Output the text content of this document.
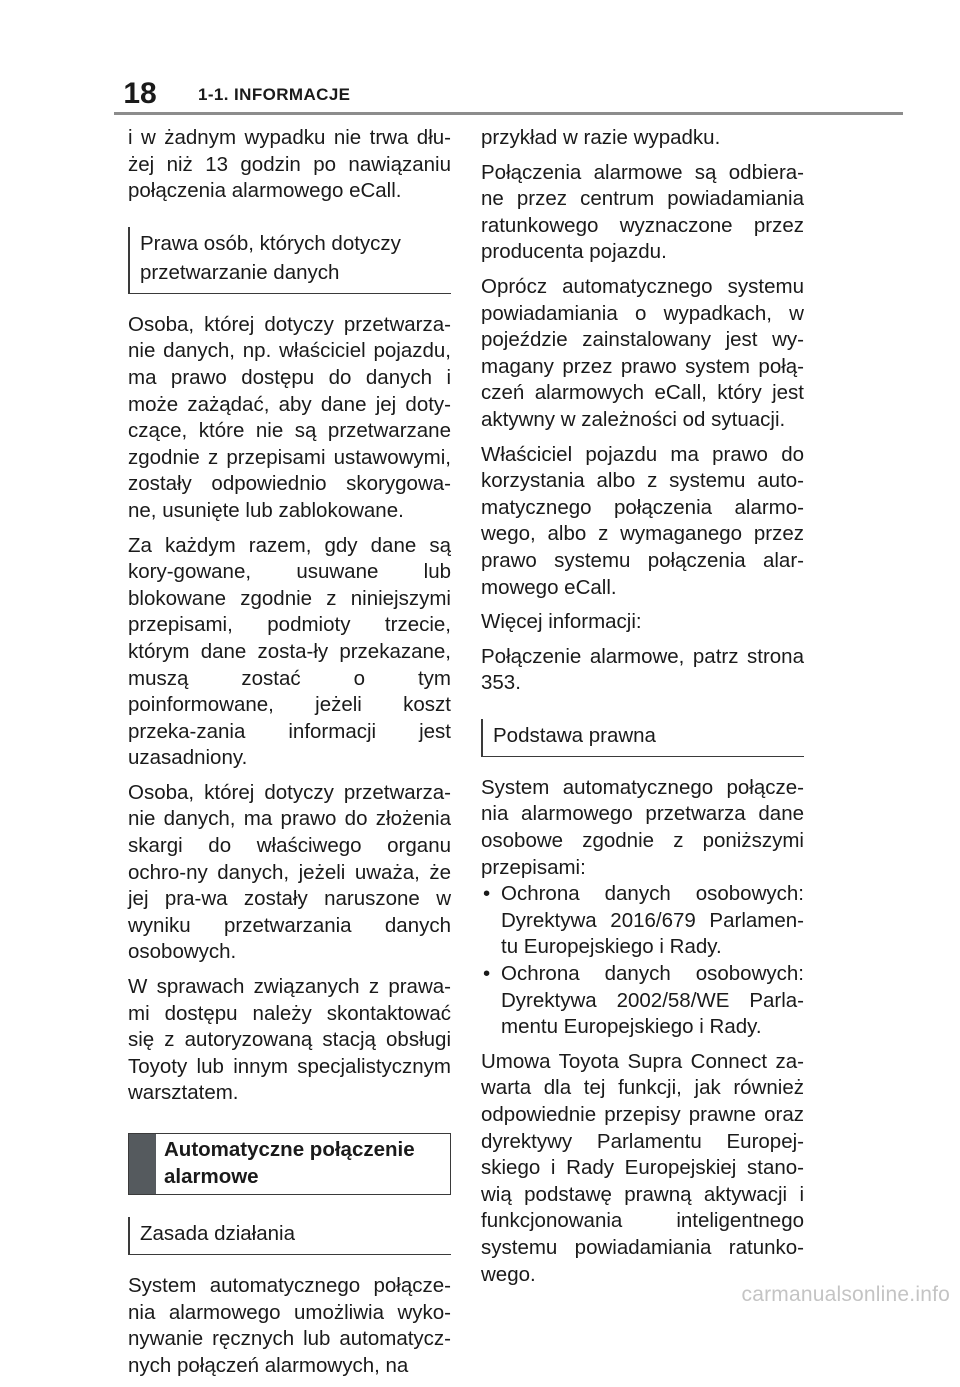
18	1-1. INFORMACJE

i w żadnym wypadku nie trwa dłu-żej niż 13 godzin po nawiązaniu połączenia alarmowego eCall.

Prawa osób, których dotyczy przetwarzanie danych

Osoba, której dotyczy przetwarza-nie danych, np. właściciel pojazdu, ma prawo dostępu do danych i może zażądać, aby dane jej doty-czące, które nie są przetwarzane zgodnie z przepisami ustawowymi, zostały odpowiednio skorygowa-ne, usunięte lub zablokowane.

Za każdym razem, gdy dane są kory-gowane, usuwane lub blokowane zgodnie z niniejszymi przepisami, podmioty trzecie, którym dane zosta-ły przekazane, muszą zostać o tym poinformowane, jeżeli koszt przeka-zania informacji jest uzasadniony.

Osoba, której dotyczy przetwarza-nie danych, ma prawo do złożenia skargi do właściwego organu ochro-ny danych, jeżeli uważa, że jej pra-wa zostały naruszone w wyniku przetwarzania danych osobowych.

W sprawach związanych z prawa-mi dostępu należy skontaktować się z autoryzowaną stacją obsługi Toyoty lub innym specjalistycznym warsztatem.

Automatyczne połączenie alarmowe
Zasada działania

System automatycznego połącze-nia alarmowego umożliwia wyko-nywanie ręcznych lub automatycz-nych połączeń alarmowych, na

przykład w razie wypadku.

Połączenia alarmowe są odbiera-ne przez centrum powiadamiania ratunkowego wyznaczone przez producenta pojazdu.

Oprócz automatycznego systemu powiadamiania o wypadkach, w pojeździe zainstalowany jest wy-magany przez prawo system połą-czeń alarmowych eCall, który jest aktywny w zależności od sytuacji.

Właściciel pojazdu ma prawo do korzystania albo z systemu auto-matycznego połączenia alarmo-wego, albo z wymaganego przez prawo systemu połączenia alar-mowego eCall.

Więcej informacji:

Połączenie alarmowe, patrz strona 353.

Podstawa prawna

System automatycznego połącze-nia alarmowego przetwarza dane osobowe zgodnie z poniższymi przepisami:

• Ochrona danych osobowych: Dyrektywa 2016/679 Parlamen-tu Europejskiego i Rady.
• Ochrona danych osobowych: Dyrektywa 2002/58/WE Parla-mentu Europejskiego i Rady.

Umowa Toyota Supra Connect za-warta dla tej funkcji, jak również odpowiednie przepisy prawne oraz dyrektywy Parlamentu Europej-skiego i Rady Europejskiej stano-wią podstawę prawną aktywacji i funkcjonowania inteligentnego systemu powiadamiania ratunko-wego.

carmanualsonline.info
